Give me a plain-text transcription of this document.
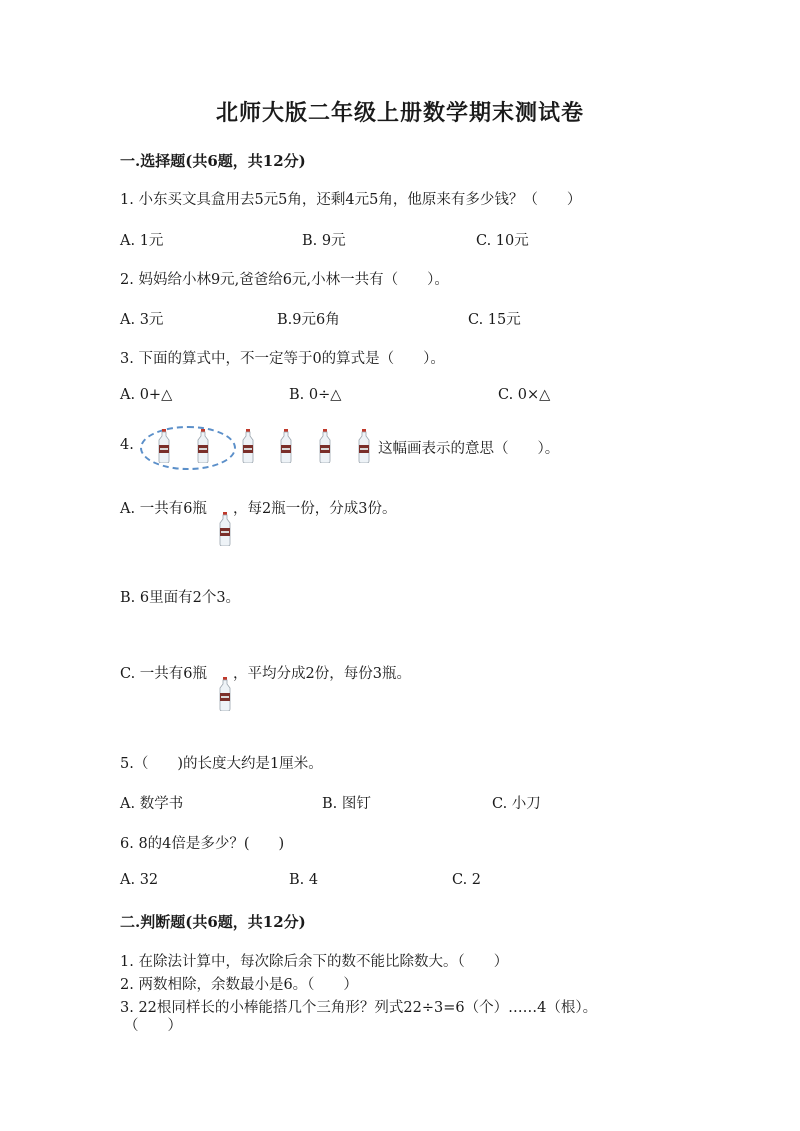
北师大版二年级上册数学期末测试卷
一.选择题(共6题，共12分)
1. 小东买文具盒用去5元5角，还剩4元5角，他原来有多少钱？（　　）
A. 1元	B. 9元	C. 10元
2. 妈妈给小林9元,爸爸给6元,小林一共有（　　）。
A. 3元	B.9元6角	C. 15元
3. 下面的算式中，不一定等于0的算式是（　　）。
A. 0+△	B. 0÷△	C. 0×△
4.	这幅画表示的意思（　　）。
A. 一共有6瓶 ，每2瓶一份，分成3份。
B. 6里面有2个3。
C. 一共有6瓶 ，平均分成2份，每份3瓶。
5.（　　)的长度大约是1厘米。
A. 数学书	B. 图钉	C. 小刀
6. 8的4倍是多少？(　　)
A. 32	B. 4	C. 2
二.判断题(共6题，共12分)
1. 在除法计算中，每次除后余下的数不能比除数大。（　　）
2. 两数相除，余数最小是6。（　　）
3. 22根同样长的小棒能搭几个三角形？列式22÷3=6（个）……4（根）。
（　　）
